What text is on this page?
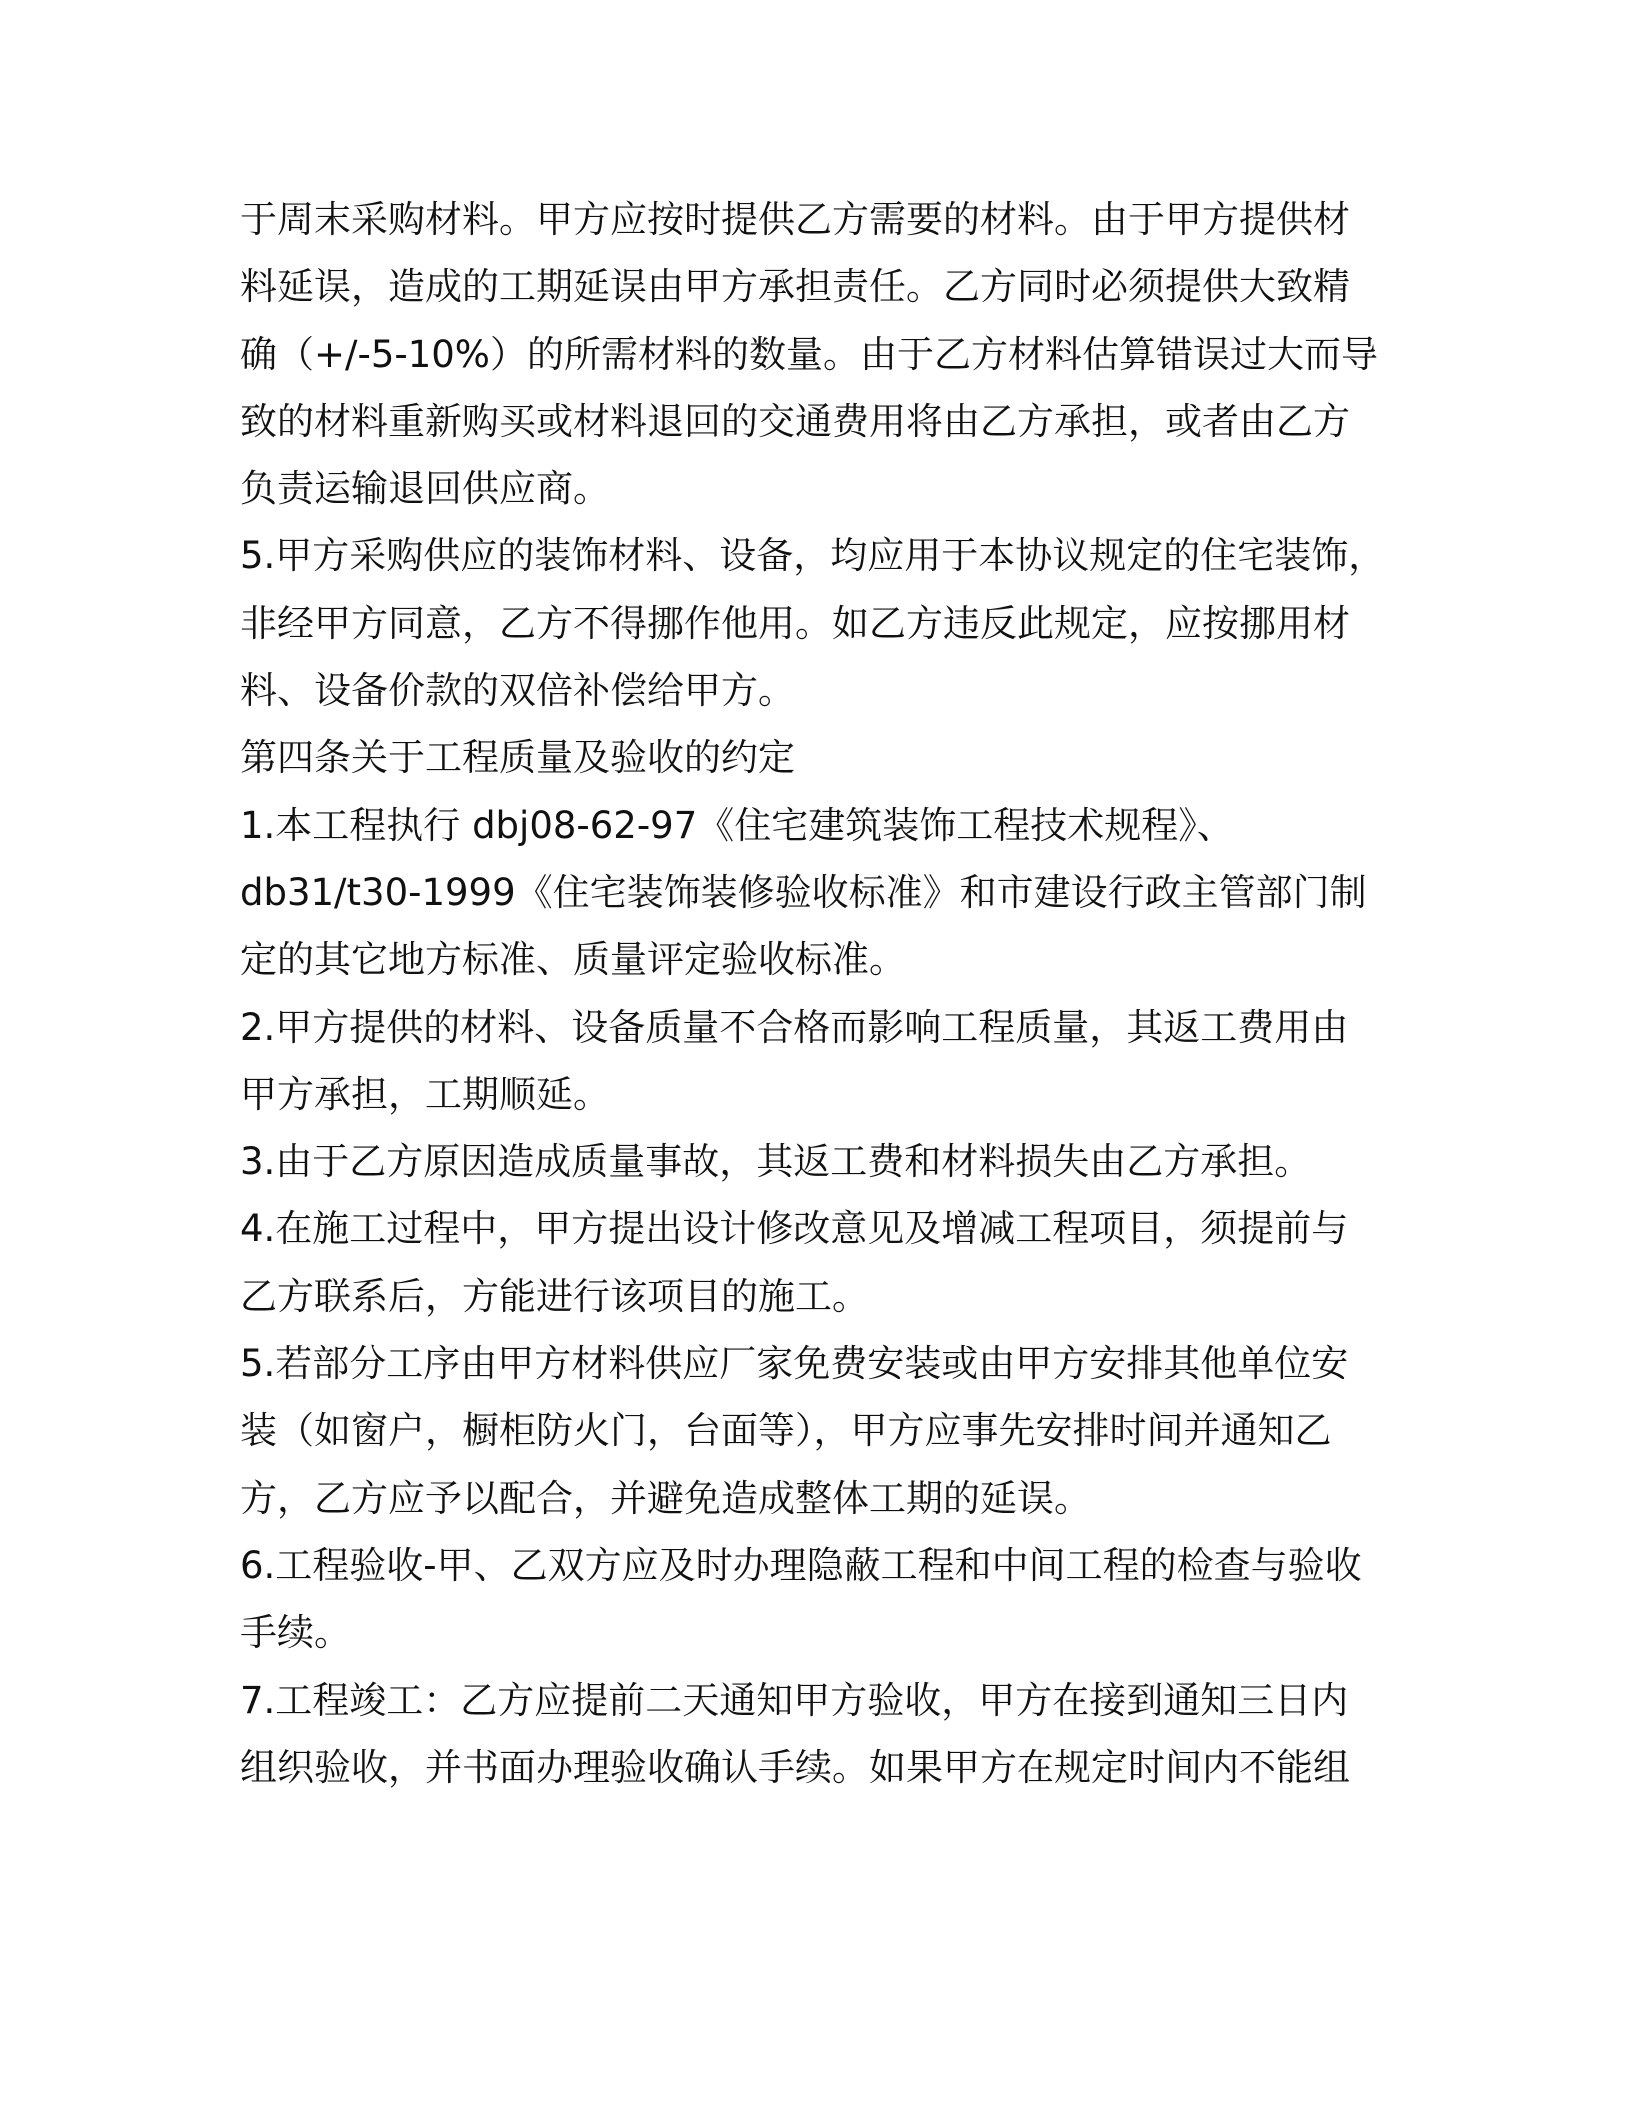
于周末采购材料。甲方应按时提供乙方需要的材料。由于甲方提供材
料延误，造成的工期延误由甲方承担责任。乙方同时必须提供大致精
确（+/-5-10%）的所需材料的数量。由于乙方材料估算错误过大而导
致的材料重新购买或材料退回的交通费用将由乙方承担，或者由乙方
负责运输退回供应商。
5.甲方采购供应的装饰材料、设备，均应用于本协议规定的住宅装饰，
非经甲方同意，乙方不得挪作他用。如乙方违反此规定，应按挪用材
料、设备价款的双倍补偿给甲方。
第四条关于工程质量及验收的约定
1.本工程执行 dbj08-62-97《住宅建筑装饰工程技术规程》、
db31/t30-1999《住宅装饰装修验收标准》和市建设行政主管部门制
定的其它地方标准、质量评定验收标准。
2.甲方提供的材料、设备质量不合格而影响工程质量，其返工费用由
甲方承担，工期顺延。
3.由于乙方原因造成质量事故，其返工费和材料损失由乙方承担。
4.在施工过程中，甲方提出设计修改意见及增减工程项目，须提前与
乙方联系后，方能进行该项目的施工。
5.若部分工序由甲方材料供应厂家免费安装或由甲方安排其他单位安
装（如窗户，橱柜防火门，台面等），甲方应事先安排时间并通知乙
方，乙方应予以配合，并避免造成整体工期的延误。
6.工程验收-甲、乙双方应及时办理隐蔽工程和中间工程的检查与验收
手续。
7.工程竣工：乙方应提前二天通知甲方验收，甲方在接到通知三日内
组织验收，并书面办理验收确认手续。如果甲方在规定时间内不能组
